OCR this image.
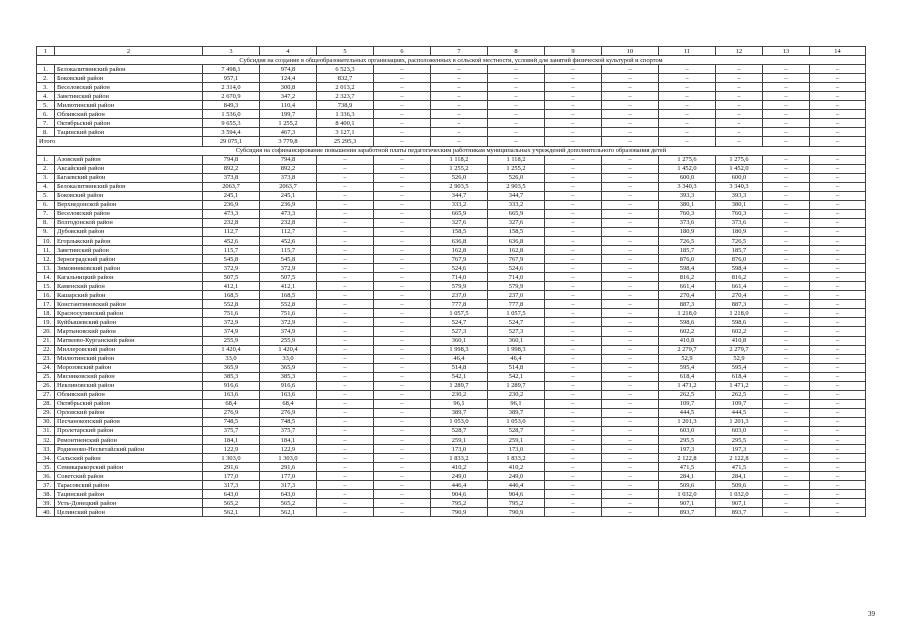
1	2	3	4	5	6	7	8	9	10	11	12	13	14
Субсидия на создание в общеобразовательных организациях, расположенных в сельской местности, условий для занятий физической культурой и спортом													
1.	Белокалитвинский район	7 498,1	974,8	6 523,3	–	–	–	–	–	–	–	–	–
2.	Боковский район	957,1	124,4	832,7	–	–	–	–	–	–	–	–	–
3.	Веселовский район	2 314,0	300,8	2 013,2	–	–	–	–	–	–	–	–	–
4.	Заветинский район	2 670,9	347,2	2 323,7	–	–	–	–	–	–	–	–	–
5.	Милютинский район	849,3	110,4	738,9	–	–	–	–	–	–	–	–	–
6.	Обливский район	1 536,0	199,7	1 336,3	–	–	–	–	–	–	–	–	–
7.	Октябрьский район	9 655,3	1 255,2	8 400,1	–	–	–	–	–	–	–	–	–
8.	Тацинский район	3 594,4	467,3	3 127,1	–	–	–	–	–	–	–	–	–
Итого		29 075,1	3 779,8	25 295,3	–	–	–	–	–	–	–	–	–
Субсидия на софинансирование повышения заработной платы педагогическим работникам муниципальных учреждений дополнительного образования детей													
1.	Азовский район	794,8	794,8	–	–	1 118,2	1 118,2	–	–	1 275,6	1 275,6	–	–
2.	Аксайский район	892,2	892,2	–	–	1 255,2	1 255,2	–	–	1 452,0	1 452,0	–	–
3.	Багаевский район	373,8	373,8	–	–	526,0	526,0	–	–	600,0	600,0	–	–
4.	Белокалитвинский район	2063,7	2063,7	–	–	2 903,5	2 903,5	–	–	3 340,3	3 340,3	–	–
5.	Боковский район	245,1	245,1	–	–	344,7	344,7	–	–	393,3	393,3	–	–
6.	Верхнедонской район	236,9	236,9	–	–	333,2	333,2	–	–	380,1	380,1	–	–
7.	Веселовский район	473,3	473,3	–	–	665,9	665,9	–	–	760,3	760,3	–	–
8.	Волгодонской район	232,8	232,8	–	–	327,6	327,6	–	–	373,6	373,6	–	–
9.	Дубовский район	112,7	112,7	–	–	158,5	158,5	–	–	180,9	180,9	–	–
10.	Егорлыкский район	452,6	452,6	–	–	636,8	636,8	–	–	726,5	726,5	–	–
11.	Заветинский район	115,7	115,7	–	–	162,8	162,8	–	–	185,7	185,7	–	–
12.	Зерноградский район	545,8	545,8	–	–	767,9	767,9	–	–	876,0	876,0	–	–
13.	Зимовниковский район	372,9	372,9	–	–	524,6	524,6	–	–	598,4	598,4	–	–
14.	Кагальницкий район	507,5	507,5	–	–	714,0	714,0	–	–	816,2	816,2	–	–
15.	Каменский район	412,1	412,1	–	–	579,9	579,9	–	–	661,4	661,4	–	–
16.	Кашарский район	168,5	168,5	–	–	237,0	237,0	–	–	270,4	270,4	–	–
17.	Константиновский район	552,8	552,8	–	–	777,8	777,8	–	–	887,3	887,3	–	–
18.	Красносулинский район	751,6	751,6	–	–	1 057,5	1 057,5	–	–	1 218,0	1 218,0	–	–
19.	Куйбышевский район	372,9	372,9	–	–	524,7	524,7	–	–	598,6	598,6	–	–
20.	Мартыновский район	374,9	374,9	–	–	527,3	527,3	–	–	602,2	602,2	–	–
21.	Матвеево-Курганский район	255,9	255,9	–	–	360,1	360,1	–	–	410,8	410,8	–	–
22.	Миллеровский район	1 420,4	1 420,4	–	–	1 998,3	1 998,3	–	–	2 279,7	2 279,7	–	–
23.	Милютинский район	33,0	33,0	–	–	46,4	46,4	–	–	52,9	52,9	–	–
24.	Морозовский район	365,9	365,9	–	–	514,8	514,8	–	–	595,4	595,4	–	–
25.	Мясниковский район	385,3	385,3	–	–	542,1	542,1	–	–	618,4	618,4	–	–
26.	Неклиновский район	916,6	916,6	–	–	1 289,7	1 289,7	–	–	1 471,2	1 471,2	–	–
27.	Обливский район	163,6	163,6	–	–	230,2	230,2	–	–	262,5	262,5	–	–
28.	Октябрьский район	68,4	68,4	–	–	96,1	96,1	–	–	109,7	109,7	–	–
29.	Орловский район	276,9	276,9	–	–	389,7	389,7	–	–	444,5	444,5	–	–
30.	Песчанокопский район	748,5	748,5	–	–	1 053,0	1 053,0	–	–	1 201,3	1 201,3	–	–
31.	Пролетарский район	375,7	375,7	–	–	528,7	528,7	–	–	603,0	603,0	–	–
32.	Ремонтненский район	184,1	184,1	–	–	259,1	259,1	–	–	295,5	295,5	–	–
33.	Родионово-Несветайский район	122,9	122,9	–	–	173,0	173,0	–	–	197,3	197,3	–	–
34.	Сальский район	1 303,0	1 303,0	–	–	1 833,2	1 833,2	–	–	2 122,8	2 122,8	–	–
35.	Семикаракорский район	291,6	291,6	–	–	410,2	410,2	–	–	471,5	471,5	–	–
36.	Советский район	177,0	177,0	–	–	249,0	249,0	–	–	284,1	284,1	–	–
37.	Тарасовский район	317,3	317,3	–	–	446,4	446,4	–	–	509,6	509,6	–	–
38.	Тацинский район	643,0	643,0	–	–	904,6	904,6	–	–	1 032,0	1 032,0	–	–
39.	Усть-Донецкий район	565,2	565,2	–	–	795,2	795,2	–	–	907,1	907,1	–	–
40.	Целинский район	562,1	562,1	–	–	790,9	790,9	–	–	893,7	893,7	–	–
39
